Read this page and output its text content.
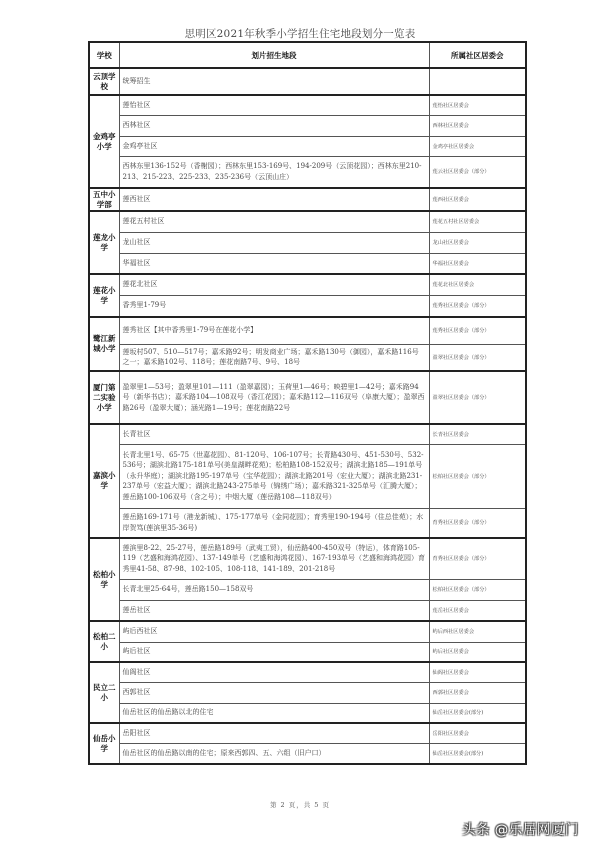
思明区2021年秋季小学招生住宅地段划分一览表
学校	划片招生地段	所属社区居委会
云顶学校	统筹招生	
金鸡亭小学	莲怡社区	莲怡社区居委会
	西林社区	西林社区居委会
	金鸡亭社区	金鸡亭社区居委会
	西林东里136-152号（香榭园）；西林东里153-169号、194-209号（云顶花园）；西林东里210-213、215-223、225-233、235-236号（云顶山庄）	莲云社区居委会（部分）
五中小学部	莲西社区	莲西社区居委会
莲龙小学	莲花五村社区	莲花五村社区居委会
	龙山社区	龙山社区居委会
	华福社区	华福社区居委会
莲花小学	莲花北社区	莲花北社区居委会
	香秀里1-79号	莲秀社区居委会（部分）
鹭江新城小学	莲秀社区【其中香秀里1-79号在莲花小学】	莲秀社区居委会（部分）
	莲坂村507、510—517号；嘉禾路92号；明发商业广场；嘉禾路130号（御园），嘉禾路116号之一；嘉禾路102号、118号；莲花南路7号、9号、18号	盈翠社区居委会（部分）
厦门第二实验小学	盈翠里1—53号；盈翠里101—111（盈翠嘉园）；玉荷里1—46号；映碧里1—42号；嘉禾路94号（新华书店）；嘉禾路104—108双号（香江花园）；嘉禾路112—116双号（阜康大厦）；盈翠西路26号（盈翠大厦）；涵光路1—19号；莲花南路22号	盈翠社区居委会（部分）
嘉滨小学	长青社区	长青社区居委会
	长青北里1号、65-75（世嘉花园）、81-120号、106-107号；长青路430号、451-530号、532-536号；湖滨北路175-181单号(美皇湖畔花苑)；松柏路108-152双号；湖滨北路185—191单号（永升华庭）；湖滨北路195-197单号（宝华花园）；湖滨北路201号（宏业大厦）；湖滨北路231-237单号（宏益大厦）；湖滨北路243-275单号（锦绣广场）；嘉禾路321-325单号（汇腾大厦）；莲岳路100-106双号（含之号）；中烟大厦（莲岳路108—118双号）	松柏社区居委会（部分）
	莲岳路169-171号（港龙新城）、175-177单号（金同花园）；育秀里190-194号（住总佳苑）；水岸贺笃(莲滨里35-36号)	育秀社区居委会（部分）
松柏小学	莲滨里8-22、25-27号，莲岳路189号（武夷工贸），仙岳路400-450双号（特运），体育路105-119（艺盛和海鸿花园）、137-149单号（艺盛和海鸿花园）、167-193单号（艺盛和海鸿花园）育秀里41-58、87-98、102-105、108-118、141-189、201-218号	育秀社区居委会（部分）
	长青北里25-64号，莲岳路150—158双号	松柏社区居委会（部分）
	莲岳社区	莲岳社区居委会
松柏二小	屿后西社区	屿后西社区居委会
	屿后社区	屿后社区居委会
民立二小	仙阁社区	仙阁社区居委会
	西郭社区	西郭社区居委会
	仙岳社区的仙岳路以北的住宅	仙岳社区居委会(部分)
仙岳小学	岳阳社区	岳阳社区居委会
	仙岳社区的仙岳路以南的住宅；原来西郭四、五、六组（旧户口）	仙岳社区居委会(部分)
第 2 页，共 5 页
头条 @乐居网厦门
